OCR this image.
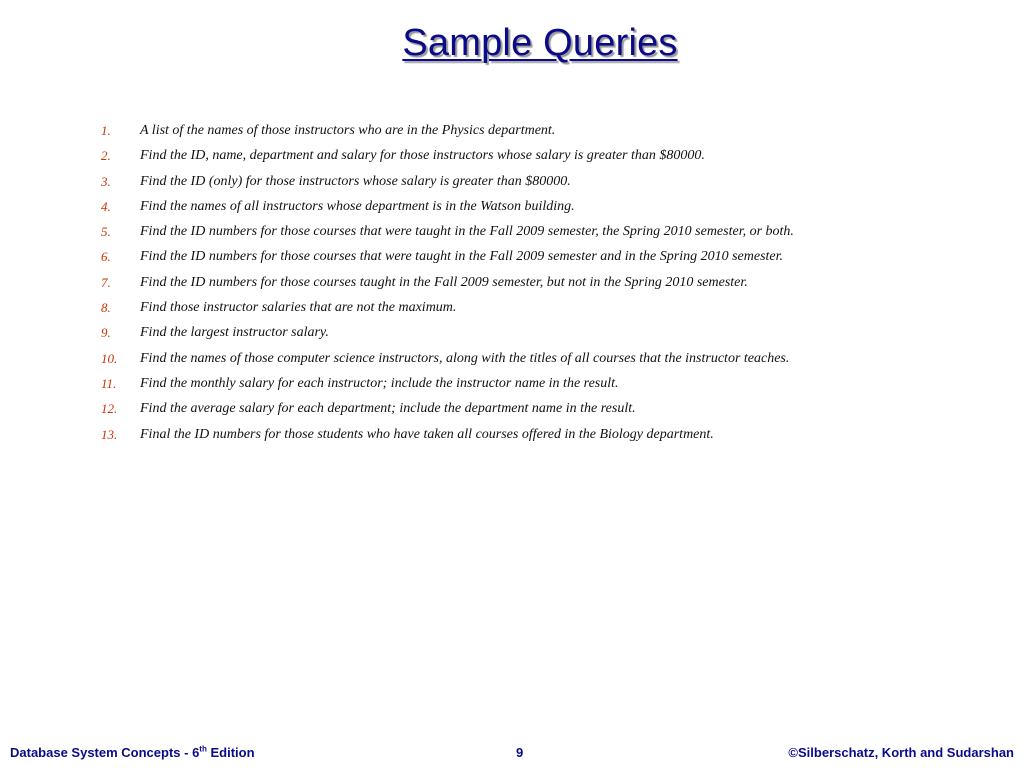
Sample Queries
1. A list of the names of those instructors who are in the Physics department.
2. Find the ID, name, department and salary for those instructors whose salary is greater than $80000.
3. Find the ID (only) for those instructors whose salary is greater than $80000.
4. Find the names of all instructors whose department is in the Watson building.
5. Find the ID numbers for those courses that were taught in the Fall 2009 semester, the Spring 2010 semester, or both.
6. Find the ID numbers for those courses that were taught in the Fall 2009 semester and in the Spring 2010 semester.
7. Find the ID numbers for those courses taught in the Fall 2009 semester, but not in the Spring 2010 semester.
8. Find those instructor salaries that are not the maximum.
9. Find the largest instructor salary.
10. Find the names of those computer science instructors, along with the titles of all courses that the instructor teaches.
11. Find the monthly salary for each instructor; include the instructor name in the result.
12. Find the average salary for each department; include the department name in the result.
13. Final the ID numbers for those students who have taken all courses offered in the Biology department.
Database System Concepts - 6th Edition	9	©Silberschatz, Korth and Sudarshan
